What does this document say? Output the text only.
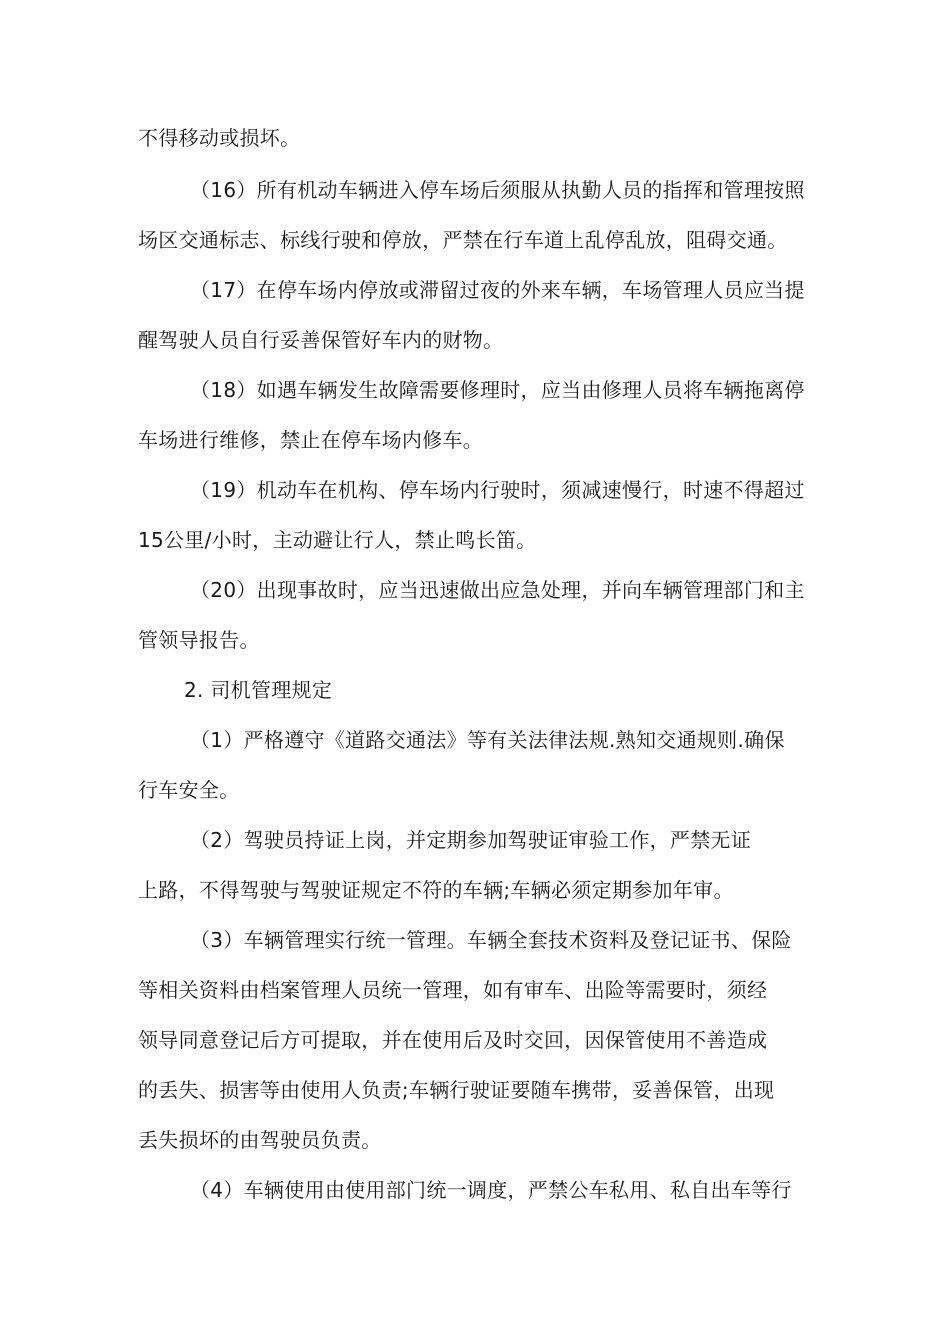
不得移动或损坏。
（16）所有机动车辆进入停车场后须服从执勤人员的指挥和管理按照
场区交通标志、标线行驶和停放，严禁在行车道上乱停乱放，阻碍交通。
（17）在停车场内停放或滞留过夜的外来车辆，车场管理人员应当提
醒驾驶人员自行妥善保管好车内的财物。
（18）如遇车辆发生故障需要修理时，应当由修理人员将车辆拖离停
车场进行维修，禁止在停车场内修车。
（19）机动车在机构、停车场内行驶时，须减速慢行，时速不得超过
15公里/小时，主动避让行人，禁止鸣长笛。
（20）出现事故时，应当迅速做出应急处理，并向车辆管理部门和主
管领导报告。
2. 司机管理规定
（1）严格遵守《道路交通法》等有关法律法规.熟知交通规则.确保
行车安全。
（2）驾驶员持证上岗，并定期参加驾驶证审验工作，严禁无证
上路，不得驾驶与驾驶证规定不符的车辆;车辆必须定期参加年审。
（3）车辆管理实行统一管理。车辆全套技术资料及登记证书、保险
等相关资料由档案管理人员统一管理，如有审车、出险等需要时，须经
领导同意登记后方可提取，并在使用后及时交回，因保管使用不善造成
的丢失、损害等由使用人负责;车辆行驶证要随车携带，妥善保管，出现
丢失损坏的由驾驶员负责。
（4）车辆使用由使用部门统一调度，严禁公车私用、私自出车等行
